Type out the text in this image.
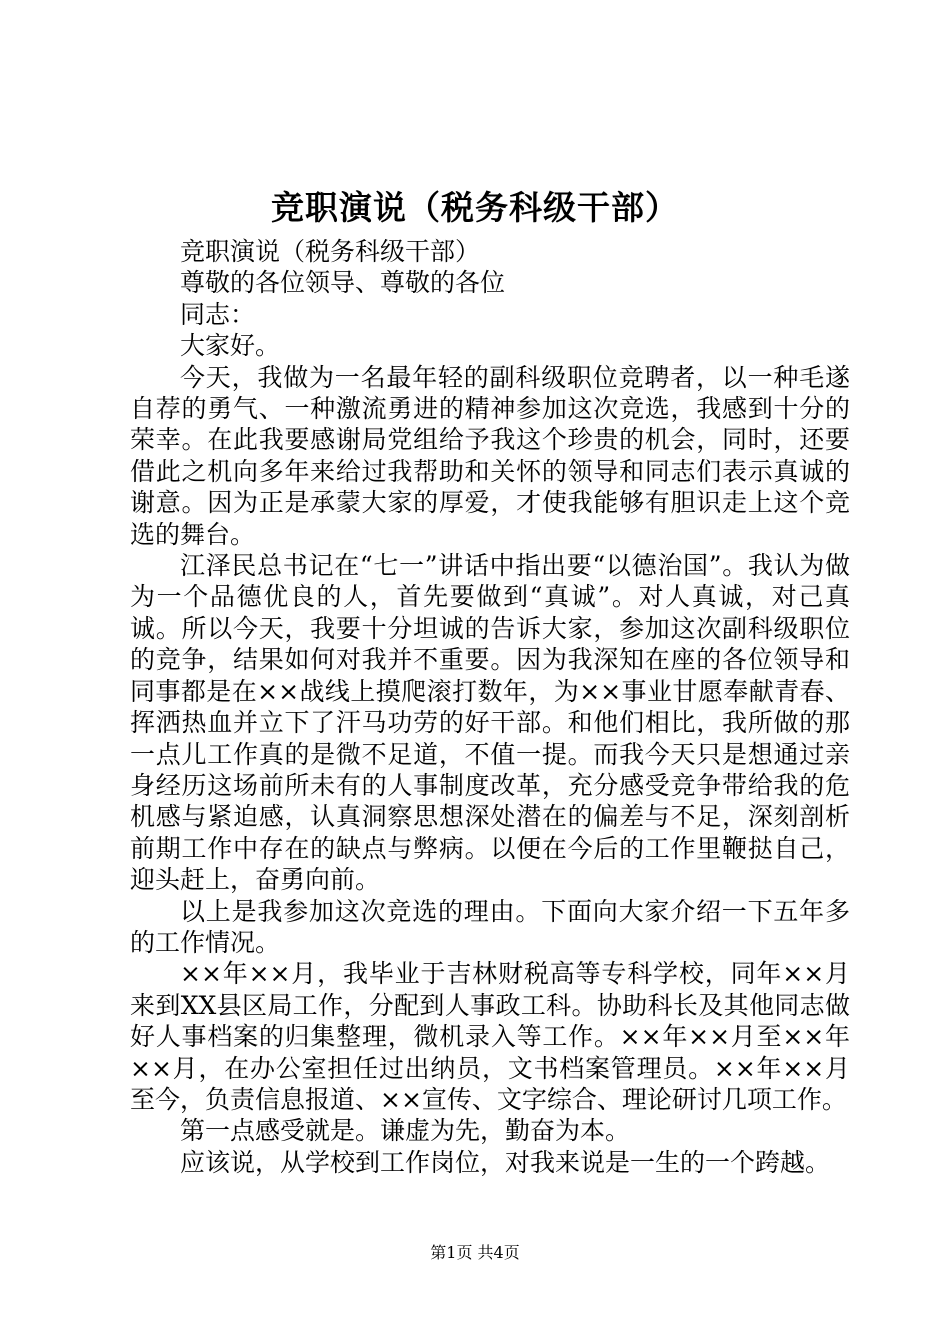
竞职演说（税务科级干部）

竞职演说（税务科级干部）

尊敬的各位领导、尊敬的各位

同志：

大家好。

今天，我做为一名最年轻的副科级职位竞聘者，以一种毛遂自荐的勇气、一种激流勇进的精神参加这次竞选，我感到十分的荣幸。在此我要感谢局党组给予我这个珍贵的机会，同时，还要借此之机向多年来给过我帮助和关怀的领导和同志们表示真诚的谢意。因为正是承蒙大家的厚爱，才使我能够有胆识走上这个竞选的舞台。

江泽民总书记在“七一”讲话中指出要“以德治国”。我认为做为一个品德优良的人，首先要做到“真诚”。对人真诚，对己真诚。所以今天，我要十分坦诚的告诉大家，参加这次副科级职位的竞争，结果如何对我并不重要。因为我深知在座的各位领导和同事都是在××战线上摸爬滚打数年，为××事业甘愿奉献青春、挥洒热血并立下了汗马功劳的好干部。和他们相比，我所做的那一点儿工作真的是微不足道，不值一提。而我今天只是想通过亲身经历这场前所未有的人事制度改革，充分感受竞争带给我的危机感与紧迫感，认真洞察思想深处潜在的偏差与不足，深刻剖析前期工作中存在的缺点与弊病。以便在今后的工作里鞭挞自己，迎头赶上，奋勇向前。

以上是我参加这次竞选的理由。下面向大家介绍一下五年多的工作情况。

××年××月，我毕业于吉林财税高等专科学校，同年××月来到XX县区局工作，分配到人事政工科。协助科长及其他同志做好人事档案的归集整理，微机录入等工作。××年××月至××年××月，在办公室担任过出纳员，文书档案管理员。××年××月至今，负责信息报道、××宣传、文字综合、理论研讨几项工作。

第一点感受就是。谦虚为先，勤奋为本。

应该说，从学校到工作岗位，对我来说是一生的一个跨越。

第1页 共4页
